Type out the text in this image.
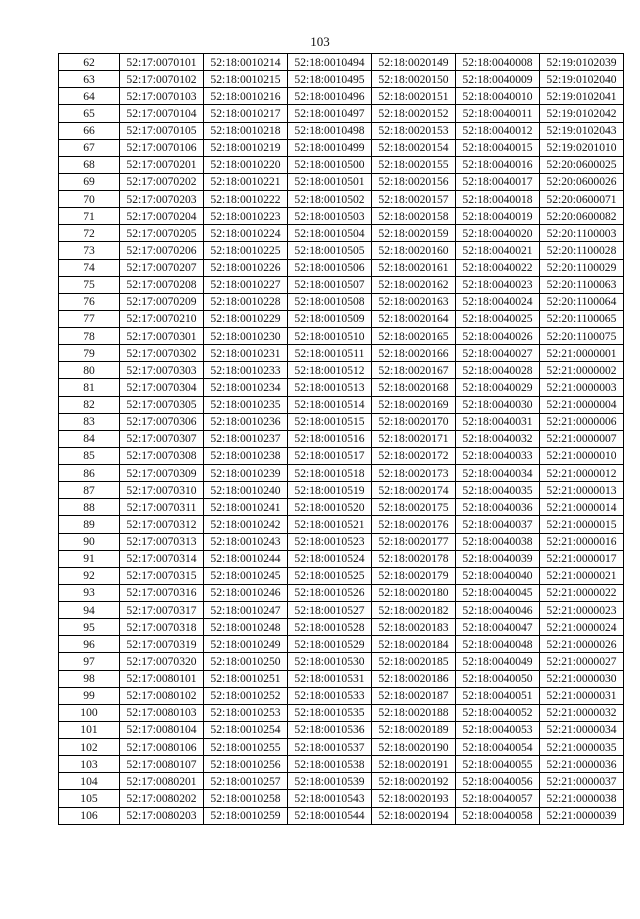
103
62	52:17:0070101	52:18:0010214	52:18:0010494	52:18:0020149	52:18:0040008	52:19:0102039
63	52:17:0070102	52:18:0010215	52:18:0010495	52:18:0020150	52:18:0040009	52:19:0102040
64	52:17:0070103	52:18:0010216	52:18:0010496	52:18:0020151	52:18:0040010	52:19:0102041
65	52:17:0070104	52:18:0010217	52:18:0010497	52:18:0020152	52:18:0040011	52:19:0102042
66	52:17:0070105	52:18:0010218	52:18:0010498	52:18:0020153	52:18:0040012	52:19:0102043
67	52:17:0070106	52:18:0010219	52:18:0010499	52:18:0020154	52:18:0040015	52:19:0201010
68	52:17:0070201	52:18:0010220	52:18:0010500	52:18:0020155	52:18:0040016	52:20:0600025
69	52:17:0070202	52:18:0010221	52:18:0010501	52:18:0020156	52:18:0040017	52:20:0600026
70	52:17:0070203	52:18:0010222	52:18:0010502	52:18:0020157	52:18:0040018	52:20:0600071
71	52:17:0070204	52:18:0010223	52:18:0010503	52:18:0020158	52:18:0040019	52:20:0600082
72	52:17:0070205	52:18:0010224	52:18:0010504	52:18:0020159	52:18:0040020	52:20:1100003
73	52:17:0070206	52:18:0010225	52:18:0010505	52:18:0020160	52:18:0040021	52:20:1100028
74	52:17:0070207	52:18:0010226	52:18:0010506	52:18:0020161	52:18:0040022	52:20:1100029
75	52:17:0070208	52:18:0010227	52:18:0010507	52:18:0020162	52:18:0040023	52:20:1100063
76	52:17:0070209	52:18:0010228	52:18:0010508	52:18:0020163	52:18:0040024	52:20:1100064
77	52:17:0070210	52:18:0010229	52:18:0010509	52:18:0020164	52:18:0040025	52:20:1100065
78	52:17:0070301	52:18:0010230	52:18:0010510	52:18:0020165	52:18:0040026	52:20:1100075
79	52:17:0070302	52:18:0010231	52:18:0010511	52:18:0020166	52:18:0040027	52:21:0000001
80	52:17:0070303	52:18:0010233	52:18:0010512	52:18:0020167	52:18:0040028	52:21:0000002
81	52:17:0070304	52:18:0010234	52:18:0010513	52:18:0020168	52:18:0040029	52:21:0000003
82	52:17:0070305	52:18:0010235	52:18:0010514	52:18:0020169	52:18:0040030	52:21:0000004
83	52:17:0070306	52:18:0010236	52:18:0010515	52:18:0020170	52:18:0040031	52:21:0000006
84	52:17:0070307	52:18:0010237	52:18:0010516	52:18:0020171	52:18:0040032	52:21:0000007
85	52:17:0070308	52:18:0010238	52:18:0010517	52:18:0020172	52:18:0040033	52:21:0000010
86	52:17:0070309	52:18:0010239	52:18:0010518	52:18:0020173	52:18:0040034	52:21:0000012
87	52:17:0070310	52:18:0010240	52:18:0010519	52:18:0020174	52:18:0040035	52:21:0000013
88	52:17:0070311	52:18:0010241	52:18:0010520	52:18:0020175	52:18:0040036	52:21:0000014
89	52:17:0070312	52:18:0010242	52:18:0010521	52:18:0020176	52:18:0040037	52:21:0000015
90	52:17:0070313	52:18:0010243	52:18:0010523	52:18:0020177	52:18:0040038	52:21:0000016
91	52:17:0070314	52:18:0010244	52:18:0010524	52:18:0020178	52:18:0040039	52:21:0000017
92	52:17:0070315	52:18:0010245	52:18:0010525	52:18:0020179	52:18:0040040	52:21:0000021
93	52:17:0070316	52:18:0010246	52:18:0010526	52:18:0020180	52:18:0040045	52:21:0000022
94	52:17:0070317	52:18:0010247	52:18:0010527	52:18:0020182	52:18:0040046	52:21:0000023
95	52:17:0070318	52:18:0010248	52:18:0010528	52:18:0020183	52:18:0040047	52:21:0000024
96	52:17:0070319	52:18:0010249	52:18:0010529	52:18:0020184	52:18:0040048	52:21:0000026
97	52:17:0070320	52:18:0010250	52:18:0010530	52:18:0020185	52:18:0040049	52:21:0000027
98	52:17:0080101	52:18:0010251	52:18:0010531	52:18:0020186	52:18:0040050	52:21:0000030
99	52:17:0080102	52:18:0010252	52:18:0010533	52:18:0020187	52:18:0040051	52:21:0000031
100	52:17:0080103	52:18:0010253	52:18:0010535	52:18:0020188	52:18:0040052	52:21:0000032
101	52:17:0080104	52:18:0010254	52:18:0010536	52:18:0020189	52:18:0040053	52:21:0000034
102	52:17:0080106	52:18:0010255	52:18:0010537	52:18:0020190	52:18:0040054	52:21:0000035
103	52:17:0080107	52:18:0010256	52:18:0010538	52:18:0020191	52:18:0040055	52:21:0000036
104	52:17:0080201	52:18:0010257	52:18:0010539	52:18:0020192	52:18:0040056	52:21:0000037
105	52:17:0080202	52:18:0010258	52:18:0010543	52:18:0020193	52:18:0040057	52:21:0000038
106	52:17:0080203	52:18:0010259	52:18:0010544	52:18:0020194	52:18:0040058	52:21:0000039
